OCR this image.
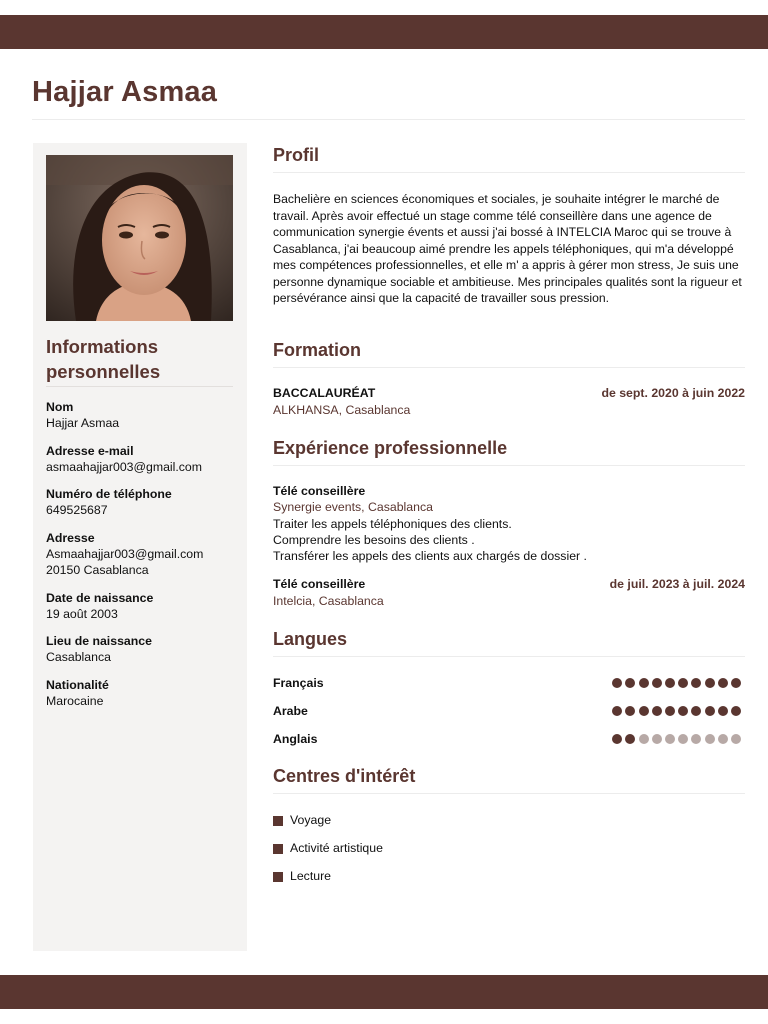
Hajjar Asmaa
Informations
personnelles
Nom
Hajjar Asmaa
Adresse e-mail
asmaahajjar003@gmail.com
Numéro de téléphone
649525687
Adresse
Asmaahajjar003@gmail.com
20150 Casablanca
Date de naissance
19 août 2003
Lieu de naissance
Casablanca
Nationalité
Marocaine
Profil
Bachelière en sciences économiques et sociales, je souhaite intégrer le marché de travail. Après avoir effectué un stage comme télé conseillère dans une agence de communication synergie évents et aussi j'ai bossé à INTELCIA Maroc qui se trouve à Casablanca, j'ai beaucoup aimé prendre les appels téléphoniques, qui m'a développé mes compétences professionnelles, et elle m' a appris à gérer mon stress, Je suis une personne dynamique sociable et ambitieuse. Mes principales qualités sont la rigueur et persévérance ainsi que la capacité de travailler sous pression.
Formation
BACCALAURÉAT	de sept. 2020 à juin 2022
ALKHANSA, Casablanca
Expérience professionnelle
Télé conseillère
Synergie events, Casablanca
Traiter les appels téléphoniques des clients.
Comprendre les besoins des clients .
Transférer les appels des clients aux chargés de dossier .
Télé conseillère	de juil. 2023 à juil. 2024
Intelcia, Casablanca
Langues
Français
Arabe
Anglais
Centres d'intérêt
Voyage
Activité artistique
Lecture
